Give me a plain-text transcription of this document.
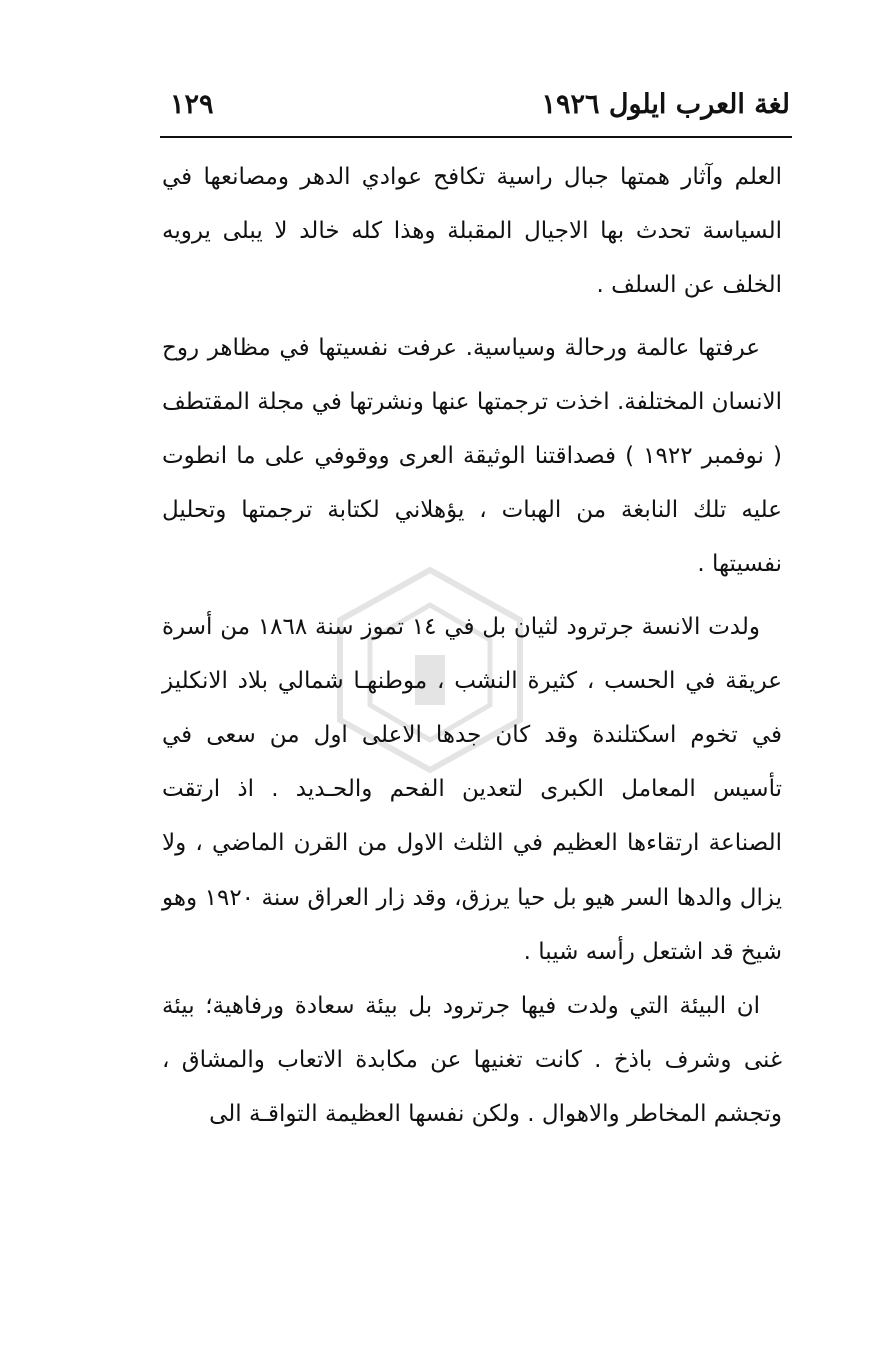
لغة العرب ايلول ١٩٢٦
١٢٩

العلم وآثار همتها جبال راسية تكافح عوادي الدهر ومصانعها في السياسة تحدث بها الاجيال المقبلة وهذا كله خالد لا يبلى يرويه الخلف عن السلف .

عرفتها عالمة ورحالة وسياسية. عرفت نفسيتها في مظاهر روح الانسان المختلفة. اخذت ترجمتها عنها ونشرتها في مجلة المقتطف ( نوفمبر ١٩٢٢ ) فصداقتنا الوثيقة العرى ووقوفي على ما انطوت عليه تلك النابغة من الهبات ، يؤهلاني لكتابة ترجمتها وتحليل نفسيتها .

ولدت الانسة جرترود لثيان بل في ١٤ تموز سنة ١٨٦٨ من أسرة عريقة في الحسب ، كثيرة النشب ، موطنهـا شمالي بلاد الانكليز في تخوم اسكتلندة وقد كان جدها الاعلى اول من سعى في تأسيس المعامل الكبرى لتعدين الفحم والحـديد . اذ ارتقت الصناعة ارتقاءها العظيم في الثلث الاول من القرن الماضي ، ولا يزال والدها السر هيو بل حيا يرزق، وقد زار العراق سنة ١٩٢٠ وهو شيخ قد اشتعل رأسه شيبا .

ان البيئة التي ولدت فيها جرترود بل بيئة سعادة ورفاهية؛ بيئة غنى وشرف باذخ . كانت تغنيها عن مكابدة الاتعاب والمشاق ، وتجشم المخاطر والاهوال . ولكن نفسها العظيمة التواقـة الى
